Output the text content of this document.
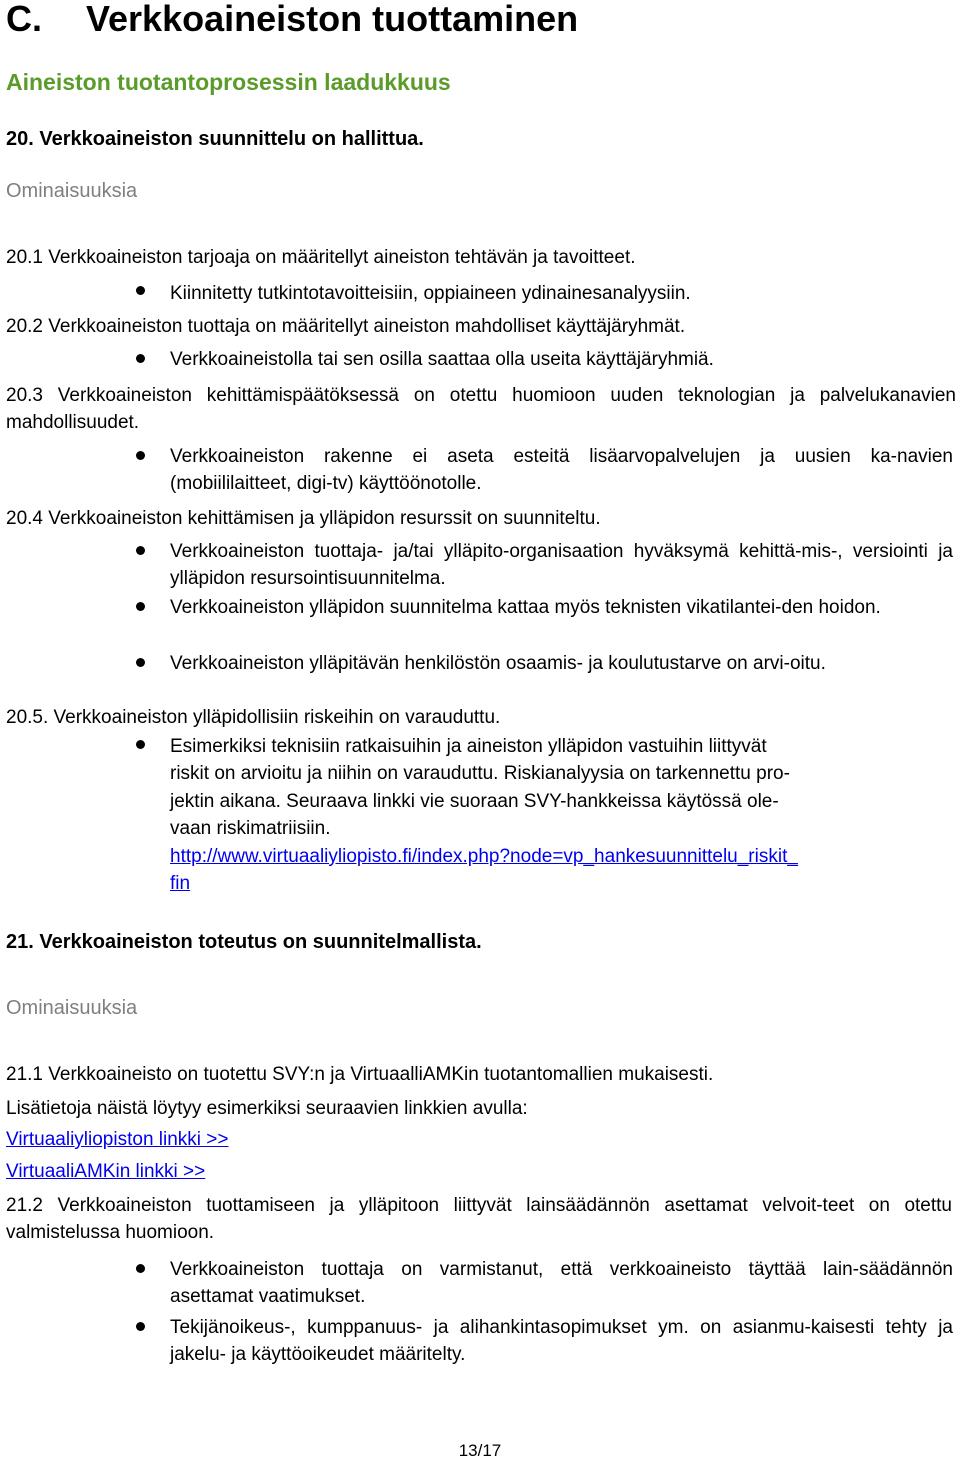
C. Verkkoaineiston tuottaminen
Aineiston tuotantoprosessin laadukkuus
20. Verkkoaineiston suunnittelu on hallittua.
Ominaisuuksia
20.1 Verkkoaineiston tarjoaja on määritellyt aineiston tehtävän ja tavoitteet.
Kiinnitetty tutkintotavoitteisiin, oppiaineen ydinainesanalyysiin.
20.2 Verkkoaineiston tuottaja on määritellyt aineiston mahdolliset käyttäjäryhmät.
Verkkoaineistolla tai sen osilla saattaa olla useita käyttäjäryhmiä.
20.3 Verkkoaineiston kehittämispäätöksessä on otettu huomioon uuden teknologian ja palvelukanavien mahdollisuudet.
Verkkoaineiston rakenne ei aseta esteitä lisäarvopalvelujen ja uusien ka-navien (mobiililaitteet, digi-tv) käyttöönotolle.
20.4 Verkkoaineiston kehittämisen ja ylläpidon resurssit on suunniteltu.
Verkkoaineiston tuottaja- ja/tai ylläpito-organisaation hyväksymä kehittä-mis-, versiointi ja ylläpidon resursointisuunnitelma.
Verkkoaineiston ylläpidon suunnitelma kattaa myös teknisten vikatilantei-den hoidon.
Verkkoaineiston ylläpitävän henkilöstön osaamis- ja koulutustarve on arvi-oitu.
20.5. Verkkoaineiston ylläpidollisiin riskeihin on varauduttu.
Esimerkiksi teknisiin ratkaisuihin ja aineiston ylläpidon vastuihin liittyvät
riskit on arvioitu ja niihin on varauduttu. Riskianalyysia on tarkennettu pro-
jektin aikana. Seuraava linkki vie suoraan SVY-hankkeissa käytössä ole-
vaan riskimatriisiin.
http://www.virtuaaliyliopisto.fi/index.php?node=vp_hankesuunnittelu_riskit_
fin
21. Verkkoaineiston toteutus on suunnitelmallista.
Ominaisuuksia
21.1 Verkkoaineisto on tuotettu SVY:n ja VirtuaalliAMKin tuotantomallien mukaisesti.
Lisätietoja näistä löytyy esimerkiksi seuraavien linkkien avulla:
Virtuaaliyliopiston linkki >>
VirtuaaliAMKin linkki >>
21.2 Verkkoaineiston tuottamiseen ja ylläpitoon liittyvät lainsäädännön asettamat velvoit-teet on otettu valmistelussa huomioon.
Verkkoaineiston tuottaja on varmistanut, että verkkoaineisto täyttää lain-säädännön asettamat vaatimukset.
Tekijänoikeus-, kumppanuus- ja alihankintasopimukset ym. on asianmu-kaisesti tehty ja jakelu- ja käyttöoikeudet määritelty.
13/17
